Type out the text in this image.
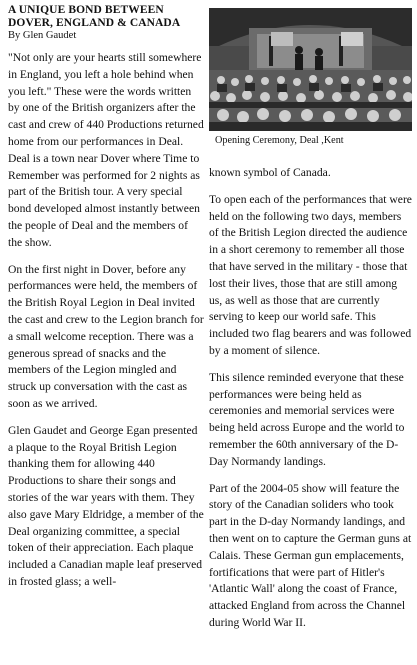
A UNIQUE BOND BETWEEN
DOVER, ENGLAND & CANADA
By Glen Gaudet

"Not only are your hearts still somewhere in England, you left a hole behind when you left." These were the words written by one of the British organizers after the cast and crew of 440 Productions returned home from our performances in Deal. Deal is a town near Dover where Time to Remember was performed for 2 nights as part of the British tour. A very special bond developed almost instantly between the people of Deal and the members of the show.

On the first night in Dover, before any performances were held, the members of the British Royal Legion in Deal invited the cast and crew to the Legion branch for a small welcome reception. There was a generous spread of snacks and the members of the Legion mingled and struck up conversation with the cast as soon as we arrived.

Glen Gaudet and George Egan presented a plaque to the Royal British Legion thanking them for allowing 440 Productions to share their songs and stories of the war years with them. They also gave Mary Eldridge, a member of the Deal organizing committee, a special token of their appreciation. Each plaque included a Canadian maple leaf preserved in frosted glass; a well-

Opening Ceremony, Deal ,Kent

known symbol of Canada.

To open each of the performances that were held on the following two days, members of the British Legion directed the audience in a short ceremony to remember all those that have served in the military - those that lost their lives, those that are still among us, as well as those that are currently serving to keep our world safe. This included two flag bearers and was followed by a moment of silence.

This silence reminded everyone that these performances were being held as ceremonies and memorial services were being held across Europe and the world to remember the 60th anniversary of the D-Day Normandy landings.

Part of the 2004-05 show will feature the story of the Canadian soliders who took part in the D-day Normandy landings, and then went on to capture the German guns at Calais. These German gun emplacements, fortifications that were part of Hitler's 'Atlantic Wall' along the coast of France, attacked England from across the Channel during World War II.
